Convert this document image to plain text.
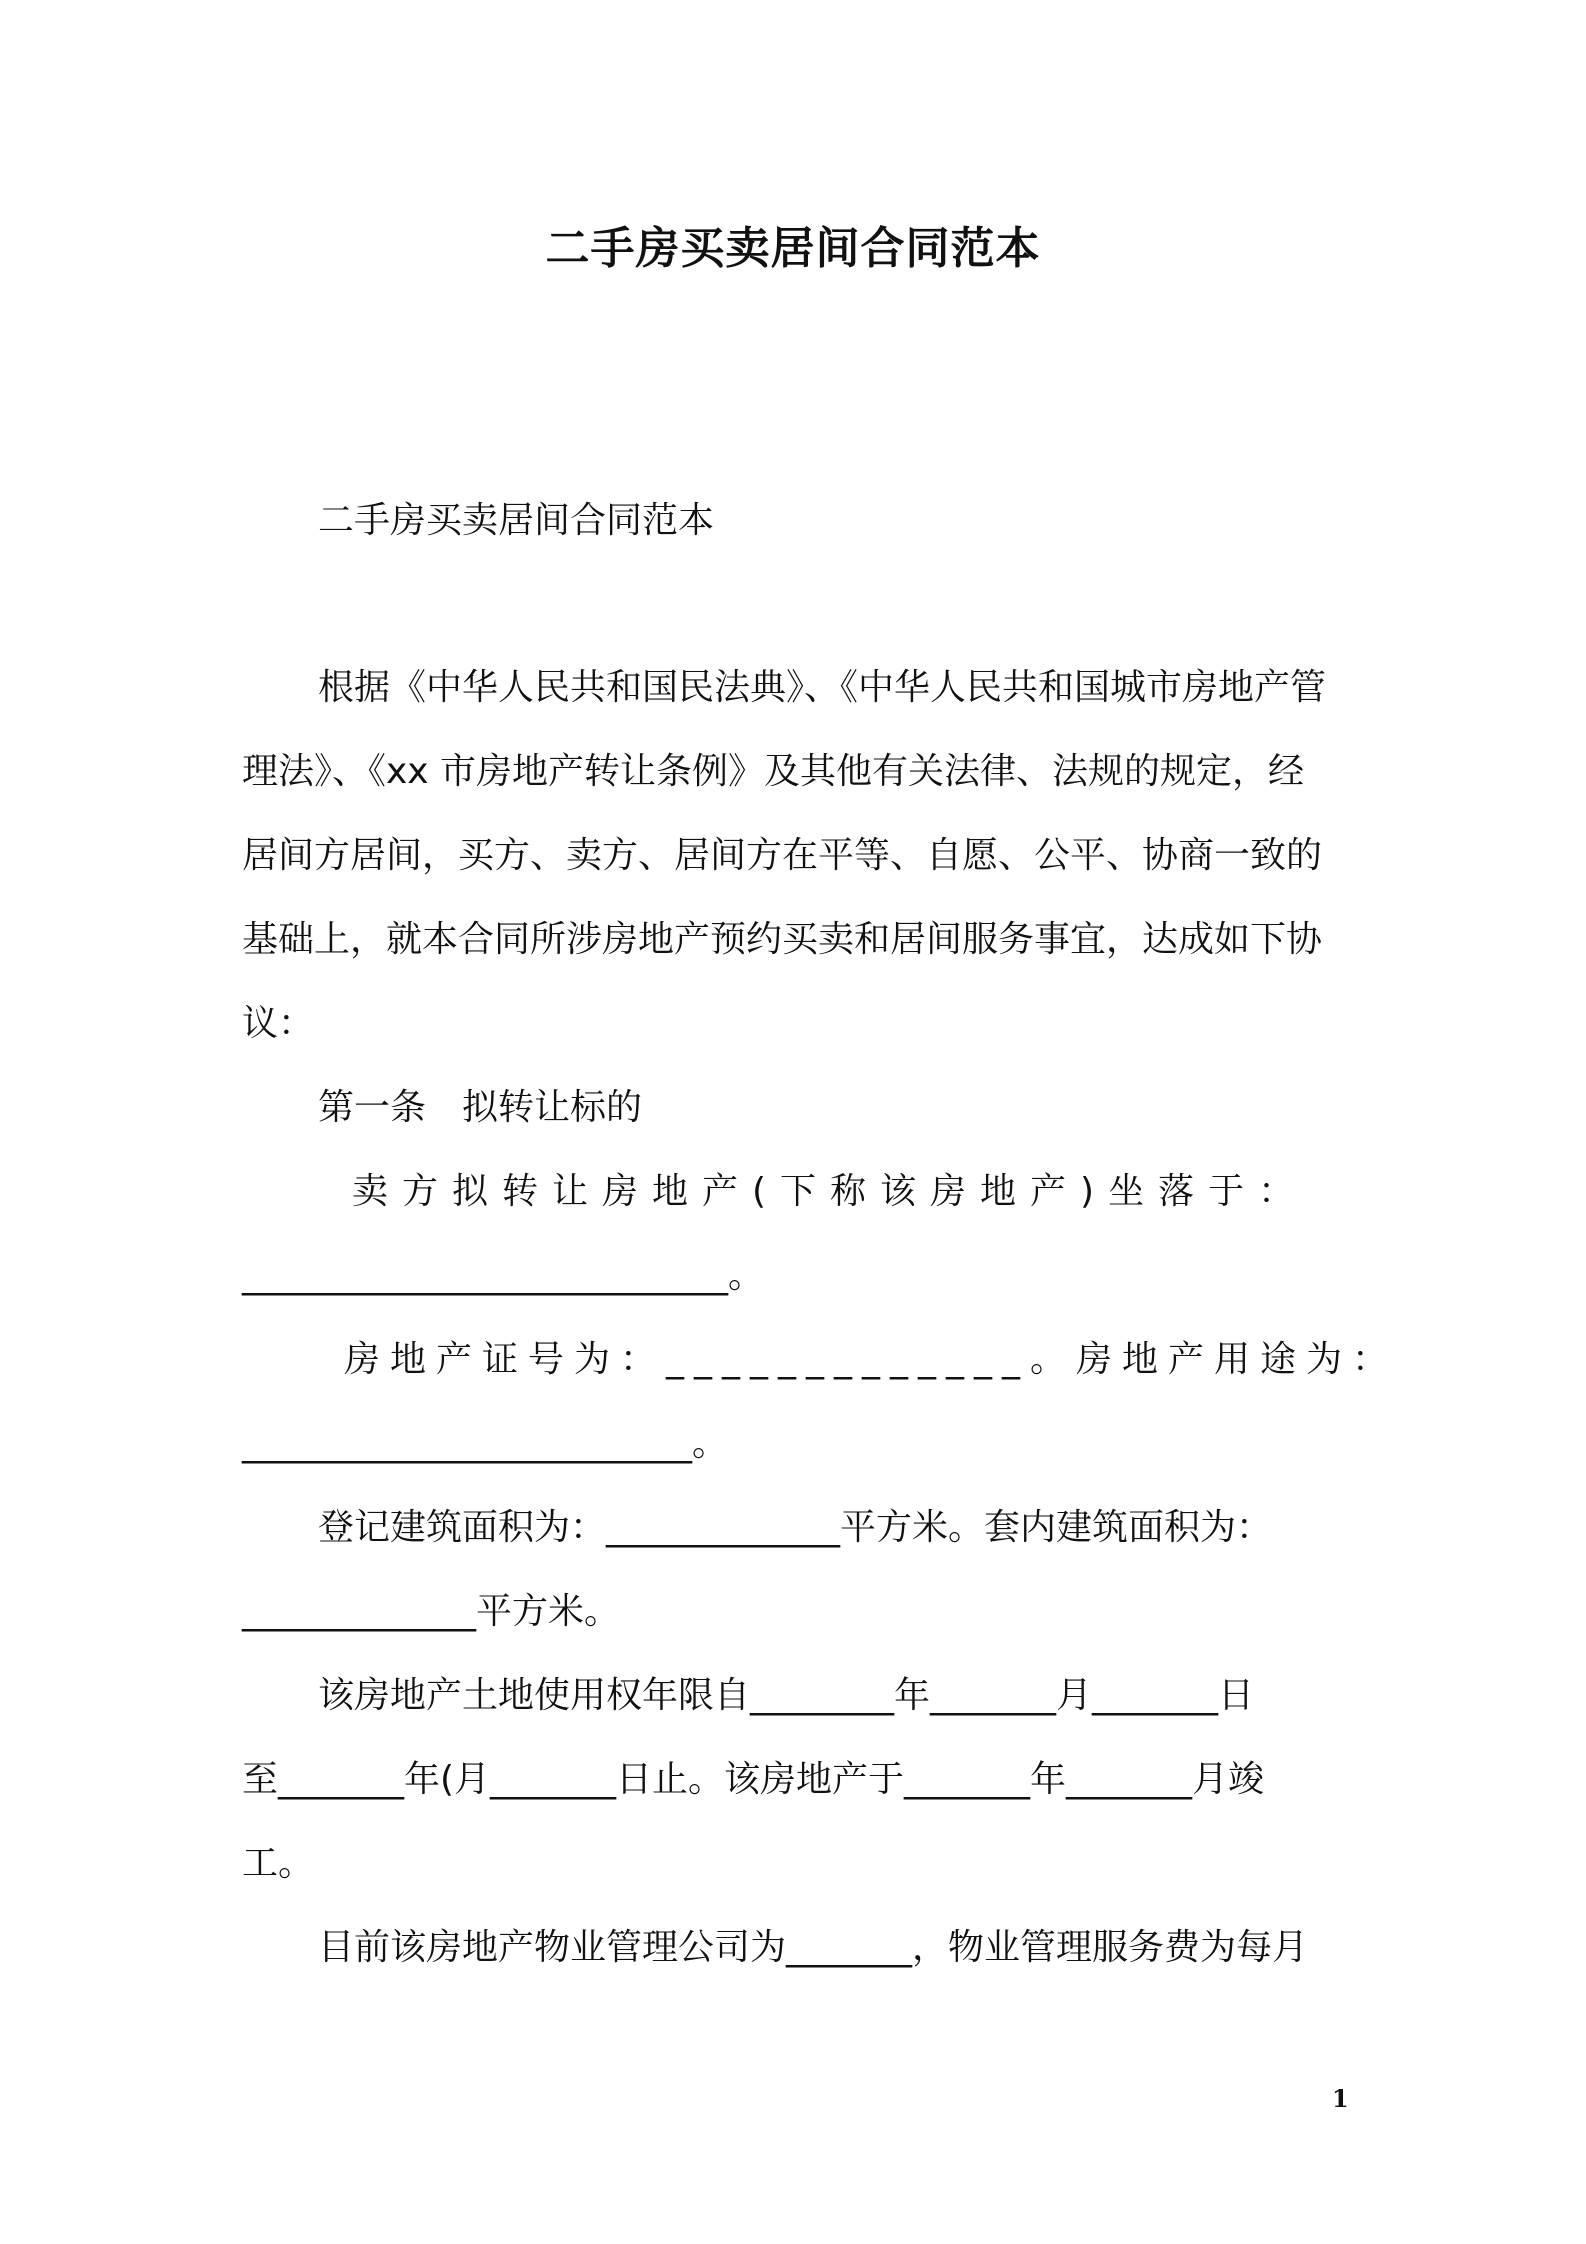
二手房买卖居间合同范本
二手房买卖居间合同范本
根据《中华人民共和国民法典》、《中华人民共和国城市房地产管
理法》、《xx 市房地产转让条例》及其他有关法律、法规的规定，经
居间方居间，买方、卖方、居间方在平等、自愿、公平、协商一致的
基础上，就本合同所涉房地产预约买卖和居间服务事宜，达成如下协
议：
第一条　拟转让标的
卖方拟转让房地产(下称该房地产)坐落于：
___________________________。
房地产证号为：_____________。房地产用途为：
_________________________。
登记建筑面积为：_____________平方米。套内建筑面积为：
_____________平方米。
该房地产土地使用权年限自________年_______月_______日
至_______年(月_______日止。该房地产于_______年_______月竣
工。
目前该房地产物业管理公司为_______，物业管理服务费为每月
1
